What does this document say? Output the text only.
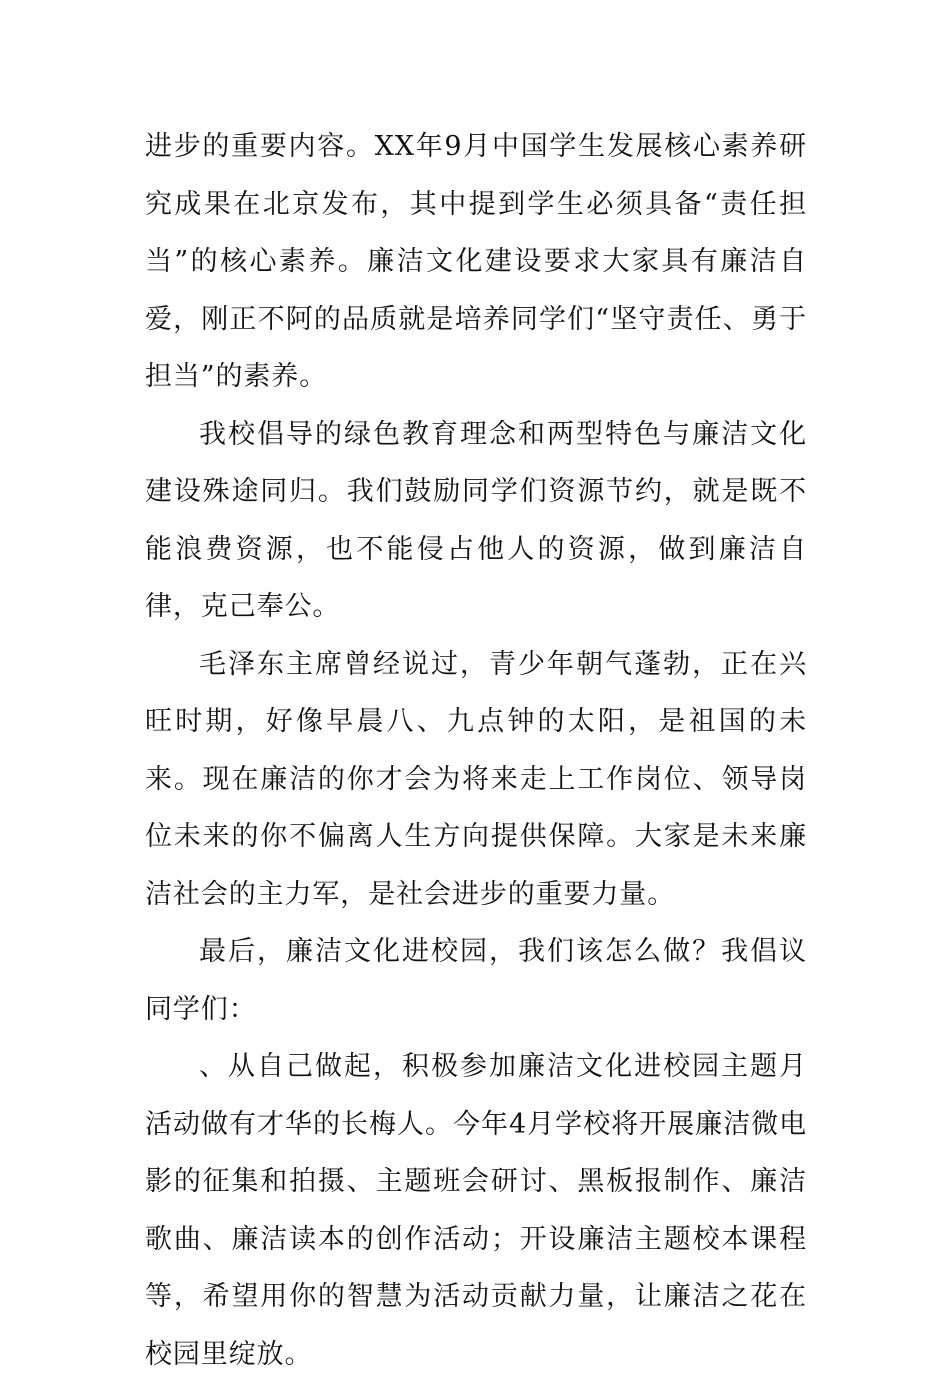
进步的重要内容。XX年9月中国学生发展核心素养研究成果在北京发布，其中提到学生必须具备“责任担当”的核心素养。廉洁文化建设要求大家具有廉洁自爱，刚正不阿的品质就是培养同学们“坚守责任、勇于担当”的素养。

我校倡导的绿色教育理念和两型特色与廉洁文化建设殊途同归。我们鼓励同学们资源节约，就是既不能浪费资源，也不能侵占他人的资源，做到廉洁自律，克己奉公。

毛泽东主席曾经说过，青少年朝气蓬勃，正在兴旺时期，好像早晨八、九点钟的太阳，是祖国的未来。现在廉洁的你才会为将来走上工作岗位、领导岗位未来的你不偏离人生方向提供保障。大家是未来廉洁社会的主力军，是社会进步的重要力量。

最后，廉洁文化进校园，我们该怎么做？我倡议同学们：

、从自己做起，积极参加廉洁文化进校园主题月活动做有才华的长梅人。今年4月学校将开展廉洁微电影的征集和拍摄、主题班会研讨、黑板报制作、廉洁歌曲、廉洁读本的创作活动；开设廉洁主题校本课程等，希望用你的智慧为活动贡献力量，让廉洁之花在校园里绽放。
